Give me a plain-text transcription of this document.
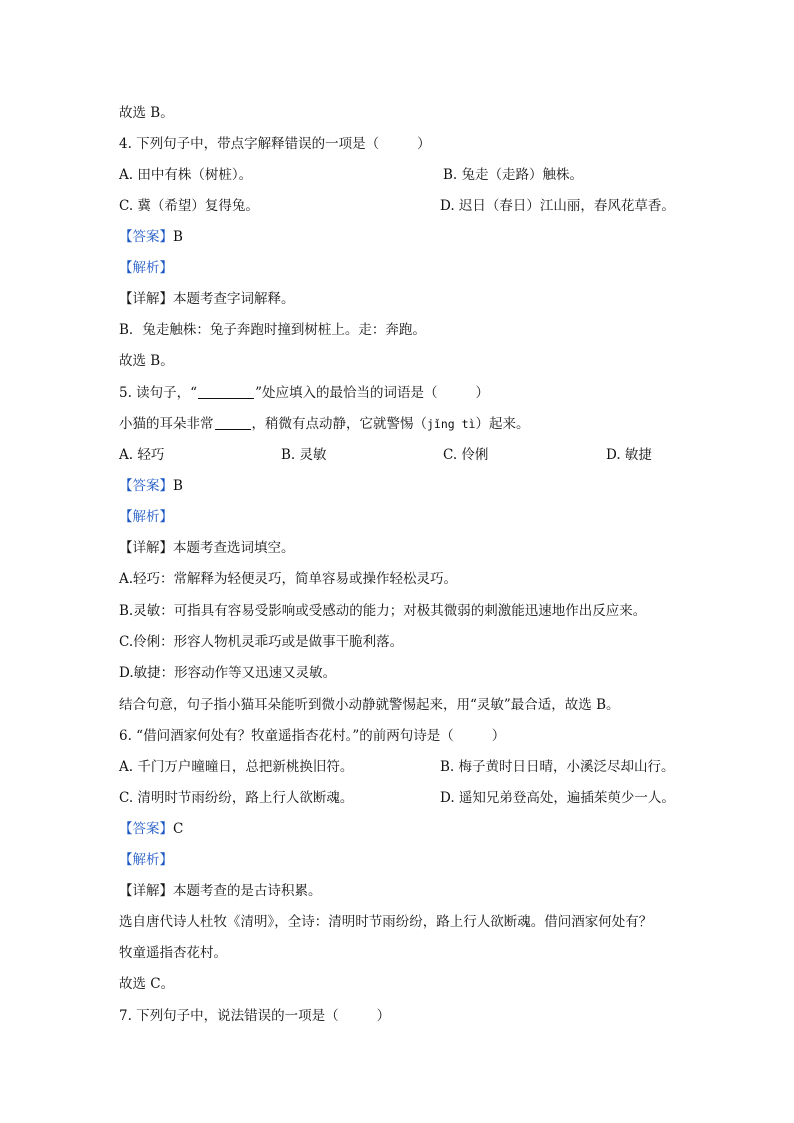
故选 B。
4. 下列句子中，带点字解释错误的一项是（	）
A. 田中有株（树桩）。	B. 兔走（走路）触株。
C. 冀（希望）复得兔。	D. 迟日（春日）江山丽，春风花草香。
【答案】B
【解析】
【详解】本题考查字词解释。
B．兔走触株：兔子奔跑时撞到树桩上。走：奔跑。
故选 B。
5. 读句子，“	”处应填入的最恰当的词语是（	）
小猫的耳朵非常	，稍微有点动静，它就警惕（jǐng tì）起来。
A. 轻巧	B. 灵敏	C. 伶俐	D. 敏捷
【答案】B
【解析】
【详解】本题考查选词填空。
A.轻巧：常解释为轻便灵巧，简单容易或操作轻松灵巧。
B.灵敏：可指具有容易受影响或受感动的能力；对极其微弱的刺激能迅速地作出反应来。
C.伶俐：形容人物机灵乖巧或是做事干脆利落。
D.敏捷：形容动作等又迅速又灵敏。
结合句意，句子指小猫耳朵能听到微小动静就警惕起来，用“灵敏”最合适，故选 B。
6. “借问酒家何处有？牧童遥指杏花村。”的前两句诗是（	）
A. 千门万户曈曈日，总把新桃换旧符。	B. 梅子黄时日日晴，小溪泛尽却山行。
C. 清明时节雨纷纷，路上行人欲断魂。	D. 遥知兄弟登高处，遍插茱萸少一人。
【答案】C
【解析】
【详解】本题考查的是古诗积累。
选自唐代诗人杜牧《清明》，全诗：清明时节雨纷纷，路上行人欲断魂。借问酒家何处有？
牧童遥指杏花村。
故选 C。
7. 下列句子中，说法错误的一项是（	）
